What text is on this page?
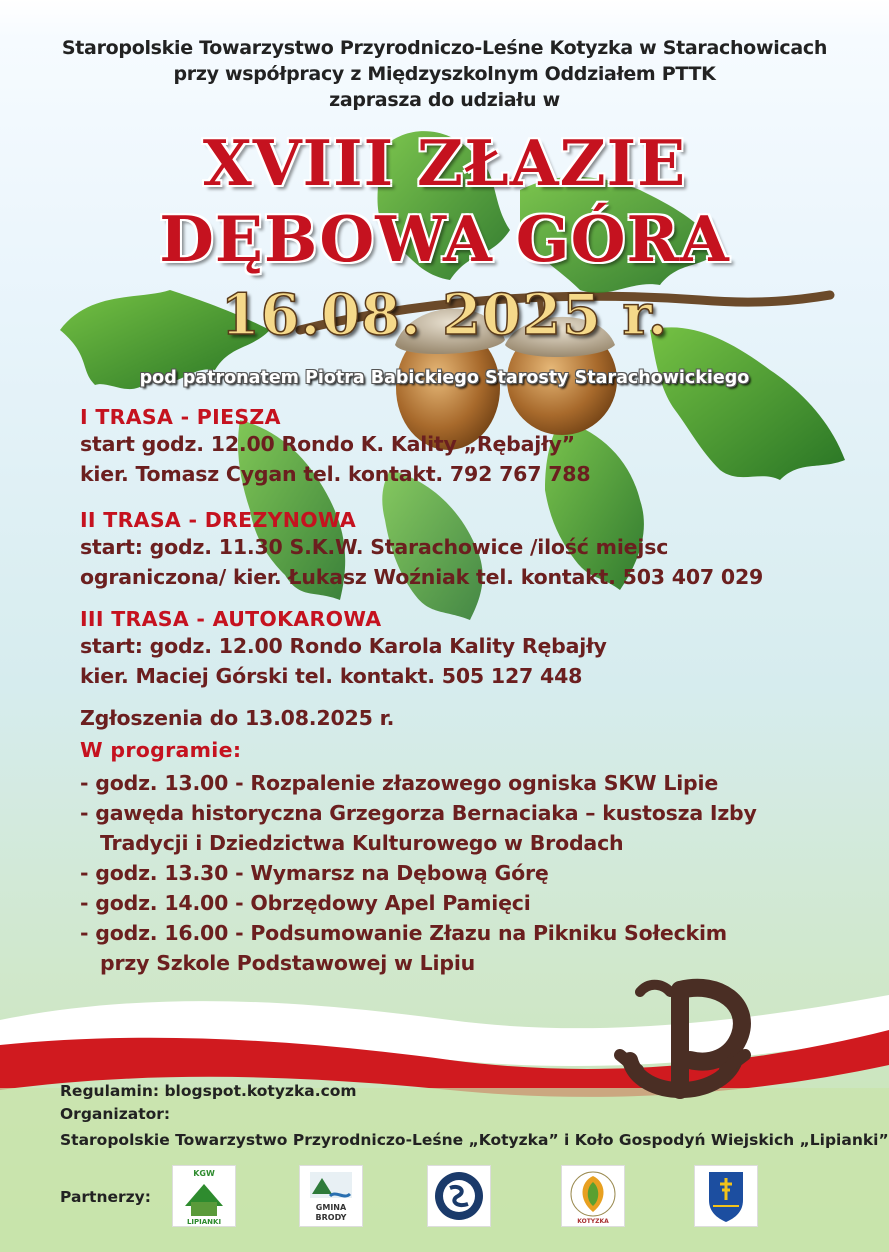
Staropolskie Towarzystwo Przyrodniczo-Leśne Kotyzka w Starachowicach
przy współpracy z Międzyszkolnym Oddziałem PTTK
zaprasza do udziału w
XVIII ZŁAZIE
DĘBOWA GÓRA
16.08. 2025 r.
pod patronatem Piotra Babickiego Starosty Starachowickiego
I TRASA - PIESZA
start godz. 12.00 Rondo K. Kality „Rębajły”
kier. Tomasz Cygan tel. kontakt. 792 767 788
II TRASA - DREZYNOWA
start: godz. 11.30 S.K.W. Starachowice /ilość miejsc
ograniczona/ kier. Łukasz Woźniak tel. kontakt. 503 407 029
III TRASA - AUTOKAROWA
start: godz. 12.00 Rondo Karola Kality Rębajły
kier. Maciej Górski tel. kontakt. 505 127 448
Zgłoszenia do 13.08.2025 r.
W programie:
- godz. 13.00 - Rozpalenie złazowego ogniska SKW Lipie
- gawęda historyczna Grzegorza Bernaciaka – kustosza Izby
Tradycji i Dziedzictwa Kulturowego w Brodach
- godz. 13.30 - Wymarsz na Dębową Górę
- godz. 14.00 - Obrzędowy Apel Pamięci
- godz. 16.00 - Podsumowanie Złazu na Pikniku Sołeckim
przy Szkole Podstawowej w Lipiu
Regulamin: blogspot.kotyzka.com
Organizator:
Staropolskie Towarzystwo Przyrodniczo-Leśne „Kotyzka” i Koło Gospodyń Wiejskich „Lipianki”
Partnerzy:
KGW
LIPIANKI
GMINA
BRODY	KOTYZKA
